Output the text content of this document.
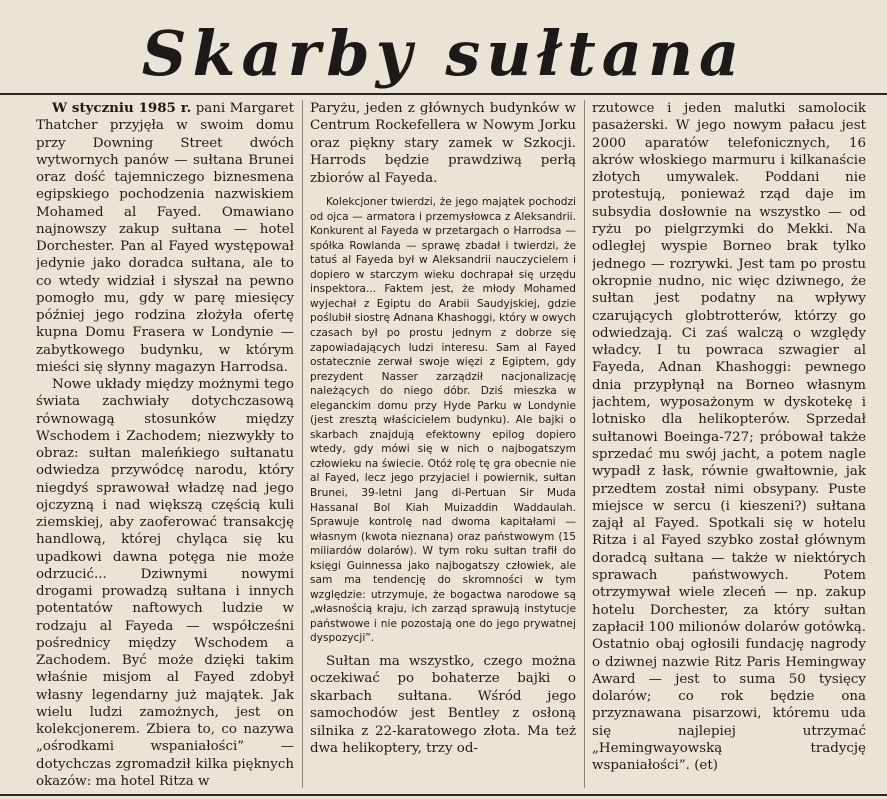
Skarby sułtana

W styczniu 1985 r. pani Margaret Thatcher przyjęła w swoim domu przy Downing Street dwóch wytwornych panów — sułtana Brunei oraz dość tajemniczego biznesmena egipskiego pochodzenia nazwiskiem Mohamed al Fayed. Omawiano najnowszy zakup sułtana — hotel Dorchester. Pan al Fayed występował jedynie jako doradca sułtana, ale to co wtedy widział i słyszał na pewno pomogło mu, gdy w parę miesięcy później jego rodzina złożyła ofertę kupna Domu Frasera w Londynie — zabytkowego budynku, w którym mieści się słynny magazyn Harrodsa.

Nowe układy między możnymi tego świata zachwiały dotychczasową równowagą stosunków między Wschodem i Zachodem; niezwykły to obraz: sułtan maleńkiego sułtanatu odwiedza przywódcę narodu, który niegdyś sprawował władzę nad jego ojczyzną i nad większą częścią kuli ziemskiej, aby zaoferować transakcję handlową, której chyląca się ku upadkowi dawna potęga nie może odrzucić... Dziwnymi nowymi drogami prowadzą sułtana i innych potentatów naftowych ludzie w rodzaju al Fayeda — współcześni pośrednicy między Wschodem a Zachodem. Być może dzięki takim właśnie misjom al Fayed zdobył własny legendarny już majątek. Jak wielu ludzi zamożnych, jest on kolekcjonerem. Zbiera to, co nazywa „ośrodkami wspaniałości” — dotychczas zgromadził kilka pięknych okazów: ma hotel Ritza w

Paryżu, jeden z głównych budynków w Centrum Rockefellera w Nowym Jorku oraz piękny stary zamek w Szkocji. Harrods będzie prawdziwą perłą zbiorów al Fayeda.

Kolekcjoner twierdzi, że jego majątek pochodzi od ojca — armatora i przemysłowca z Aleksandrii. Konkurent al Fayeda w przetargach o Harrodsa — spółka Rowlanda — sprawę zbadał i twierdzi, że tatuś al Fayeda był w Aleksandrii nauczycielem i dopiero w starczym wieku dochrapał się urzędu inspektora... Faktem jest, że młody Mohamed wyjechał z Egiptu do Arabii Saudyjskiej, gdzie poślubił siostrę Adnana Khashoggi, który w owych czasach był po prostu jednym z dobrze się zapowiadających ludzi interesu. Sam al Fayed ostatecznie zerwał swoje więzi z Egiptem, gdy prezydent Nasser zarządził nacjonalizację należących do niego dóbr. Dziś mieszka w eleganckim domu przy Hyde Parku w Londynie (jest zresztą właścicielem budynku). Ale bajki o skarbach znajdują efektowny epilog dopiero wtedy, gdy mówi się w nich o najbogatszym człowieku na świecie. Otóż rolę tę gra obecnie nie al Fayed, lecz jego przyjaciel i powiernik, sułtan Brunei, 39-letni Jang di-Pertuan Sir Muda Hassanal Bol Kiah Muizaddin Waddaulah. Sprawuje kontrolę nad dwoma kapitałami — własnym (kwota nieznana) oraz państwowym (15 miliardów dolarów). W tym roku sułtan trafił do księgi Guinnessa jako najbogatszy człowiek, ale sam ma tendencję do skromności w tym względzie: utrzymuje, że bogactwa narodowe są „własnością kraju, ich zarząd sprawują instytucje państwowe i nie pozostają one do jego prywatnej dyspozycji”.

Sułtan ma wszystko, czego można oczekiwać po bohaterze bajki o skarbach sułtana. Wśród jego samochodów jest Bentley z osłoną silnika z 22-karatowego złota. Ma też dwa helikoptery, trzy od-

rzutowce i jeden malutki samolocik pasażerski. W jego nowym pałacu jest 2000 aparatów telefonicznych, 16 akrów włoskiego marmuru i kilkanaście złotych umywalek. Poddani nie protestują, ponieważ rząd daje im subsydia dosłownie na wszystko — od ryżu po pielgrzymki do Mekki. Na odległej wyspie Borneo brak tylko jednego — rozrywki. Jest tam po prostu okropnie nudno, nic więc dziwnego, że sułtan jest podatny na wpływy czarujących globtrotterów, którzy go odwiedzają. Ci zaś walczą o względy władcy. I tu powraca szwagier al Fayeda, Adnan Khashoggi: pewnego dnia przypłynął na Borneo własnym jachtem, wyposażonym w dyskotekę i lotnisko dla helikopterów. Sprzedał sułtanowi Boeinga-727; próbował także sprzedać mu swój jacht, a potem nagle wypadł z łask, równie gwałtownie, jak przedtem został nimi obsypany. Puste miejsce w sercu (i kieszeni?) sułtana zajął al Fayed. Spotkali się w hotelu Ritza i al Fayed szybko został głównym doradcą sułtana — także w niektórych sprawach państwowych. Potem otrzymywał wiele zleceń — np. zakup hotelu Dorchester, za który sułtan zapłacił 100 milionów dolarów gotówką. Ostatnio obaj ogłosili fundację nagrody o dziwnej nazwie Ritz Paris Hemingway Award — jest to suma 50 tysięcy dolarów; co rok będzie ona przyznawana pisarzowi, któremu uda się najlepiej utrzymać „Hemingwayowską tradycję wspaniałości”. (et)
